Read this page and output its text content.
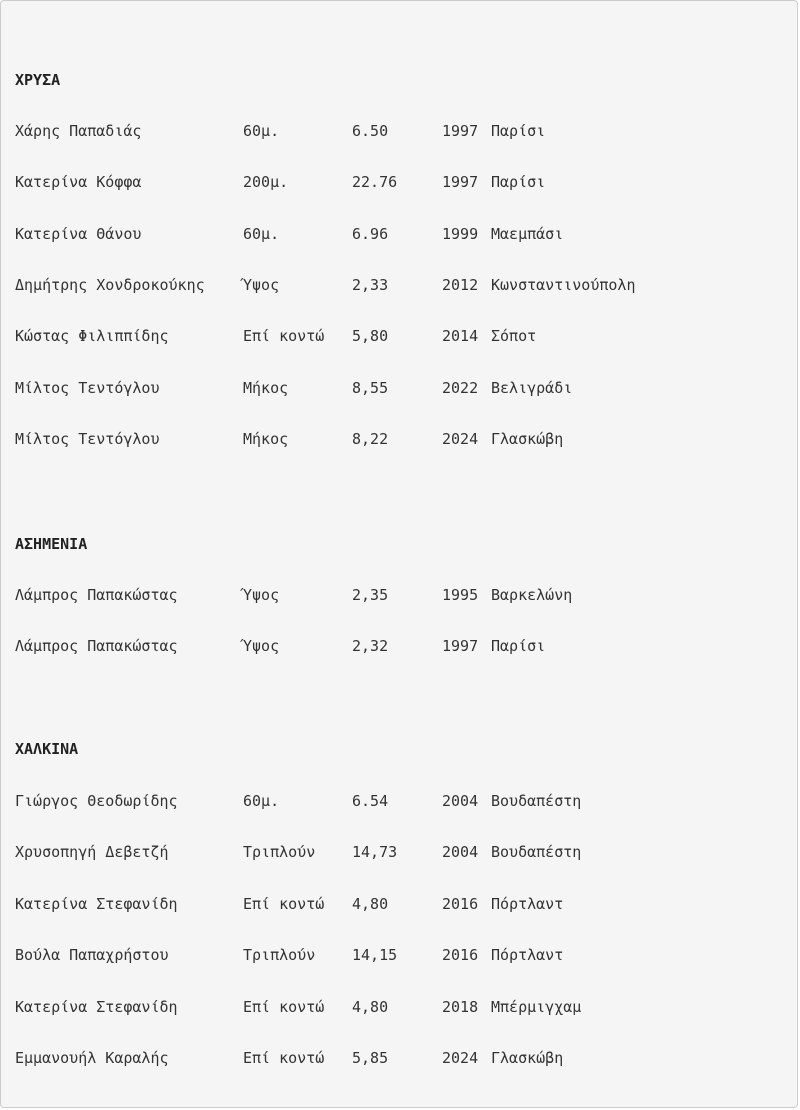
ΧΡΥΣΑ
Χάρης Παπαδιάς	60μ.	6.50	1997 Παρίσι
Κατερίνα Κόφφα	200μ.	22.76	1997 Παρίσι
Κατερίνα Θάνου	60μ.	6.96	1999 Μαεμπάσι
Δημήτρης Χονδροκούκης	Ύψος	2,33	2012 Κωνσταντινούπολη
Κώστας Φιλιππίδης	Επί κοντώ 5,80	2014 Σόποτ
Μίλτος Τεντόγλου	Μήκος	8,55	2022 Βελιγράδι
Μίλτος Τεντόγλου	Μήκος	8,22	2024 Γλασκώβη
ΑΣΗΜΕΝΙΑ
Λάμπρος Παπακώστας	Ύψος	2,35	1995 Βαρκελώνη
Λάμπρος Παπακώστας	Ύψος	2,32	1997 Παρίσι
ΧΑΛΚΙΝΑ
Γιώργος Θεοδωρίδης	60μ.	6.54	2004 Βουδαπέστη
Χρυσοπηγή Δεβετζή	Τριπλούν 14,73	2004 Βουδαπέστη
Κατερίνα Στεφανίδη	Επί κοντώ 4,80	2016 Πόρτλαντ
Βούλα Παπαχρήστου	Τριπλούν 14,15	2016 Πόρτλαντ
Κατερίνα Στεφανίδη	Επί κοντώ 4,80	2018 Μπέρμιγχαμ
Εμμανουήλ Καραλής	Επί κοντώ 5,85	2024 Γλασκώβη
